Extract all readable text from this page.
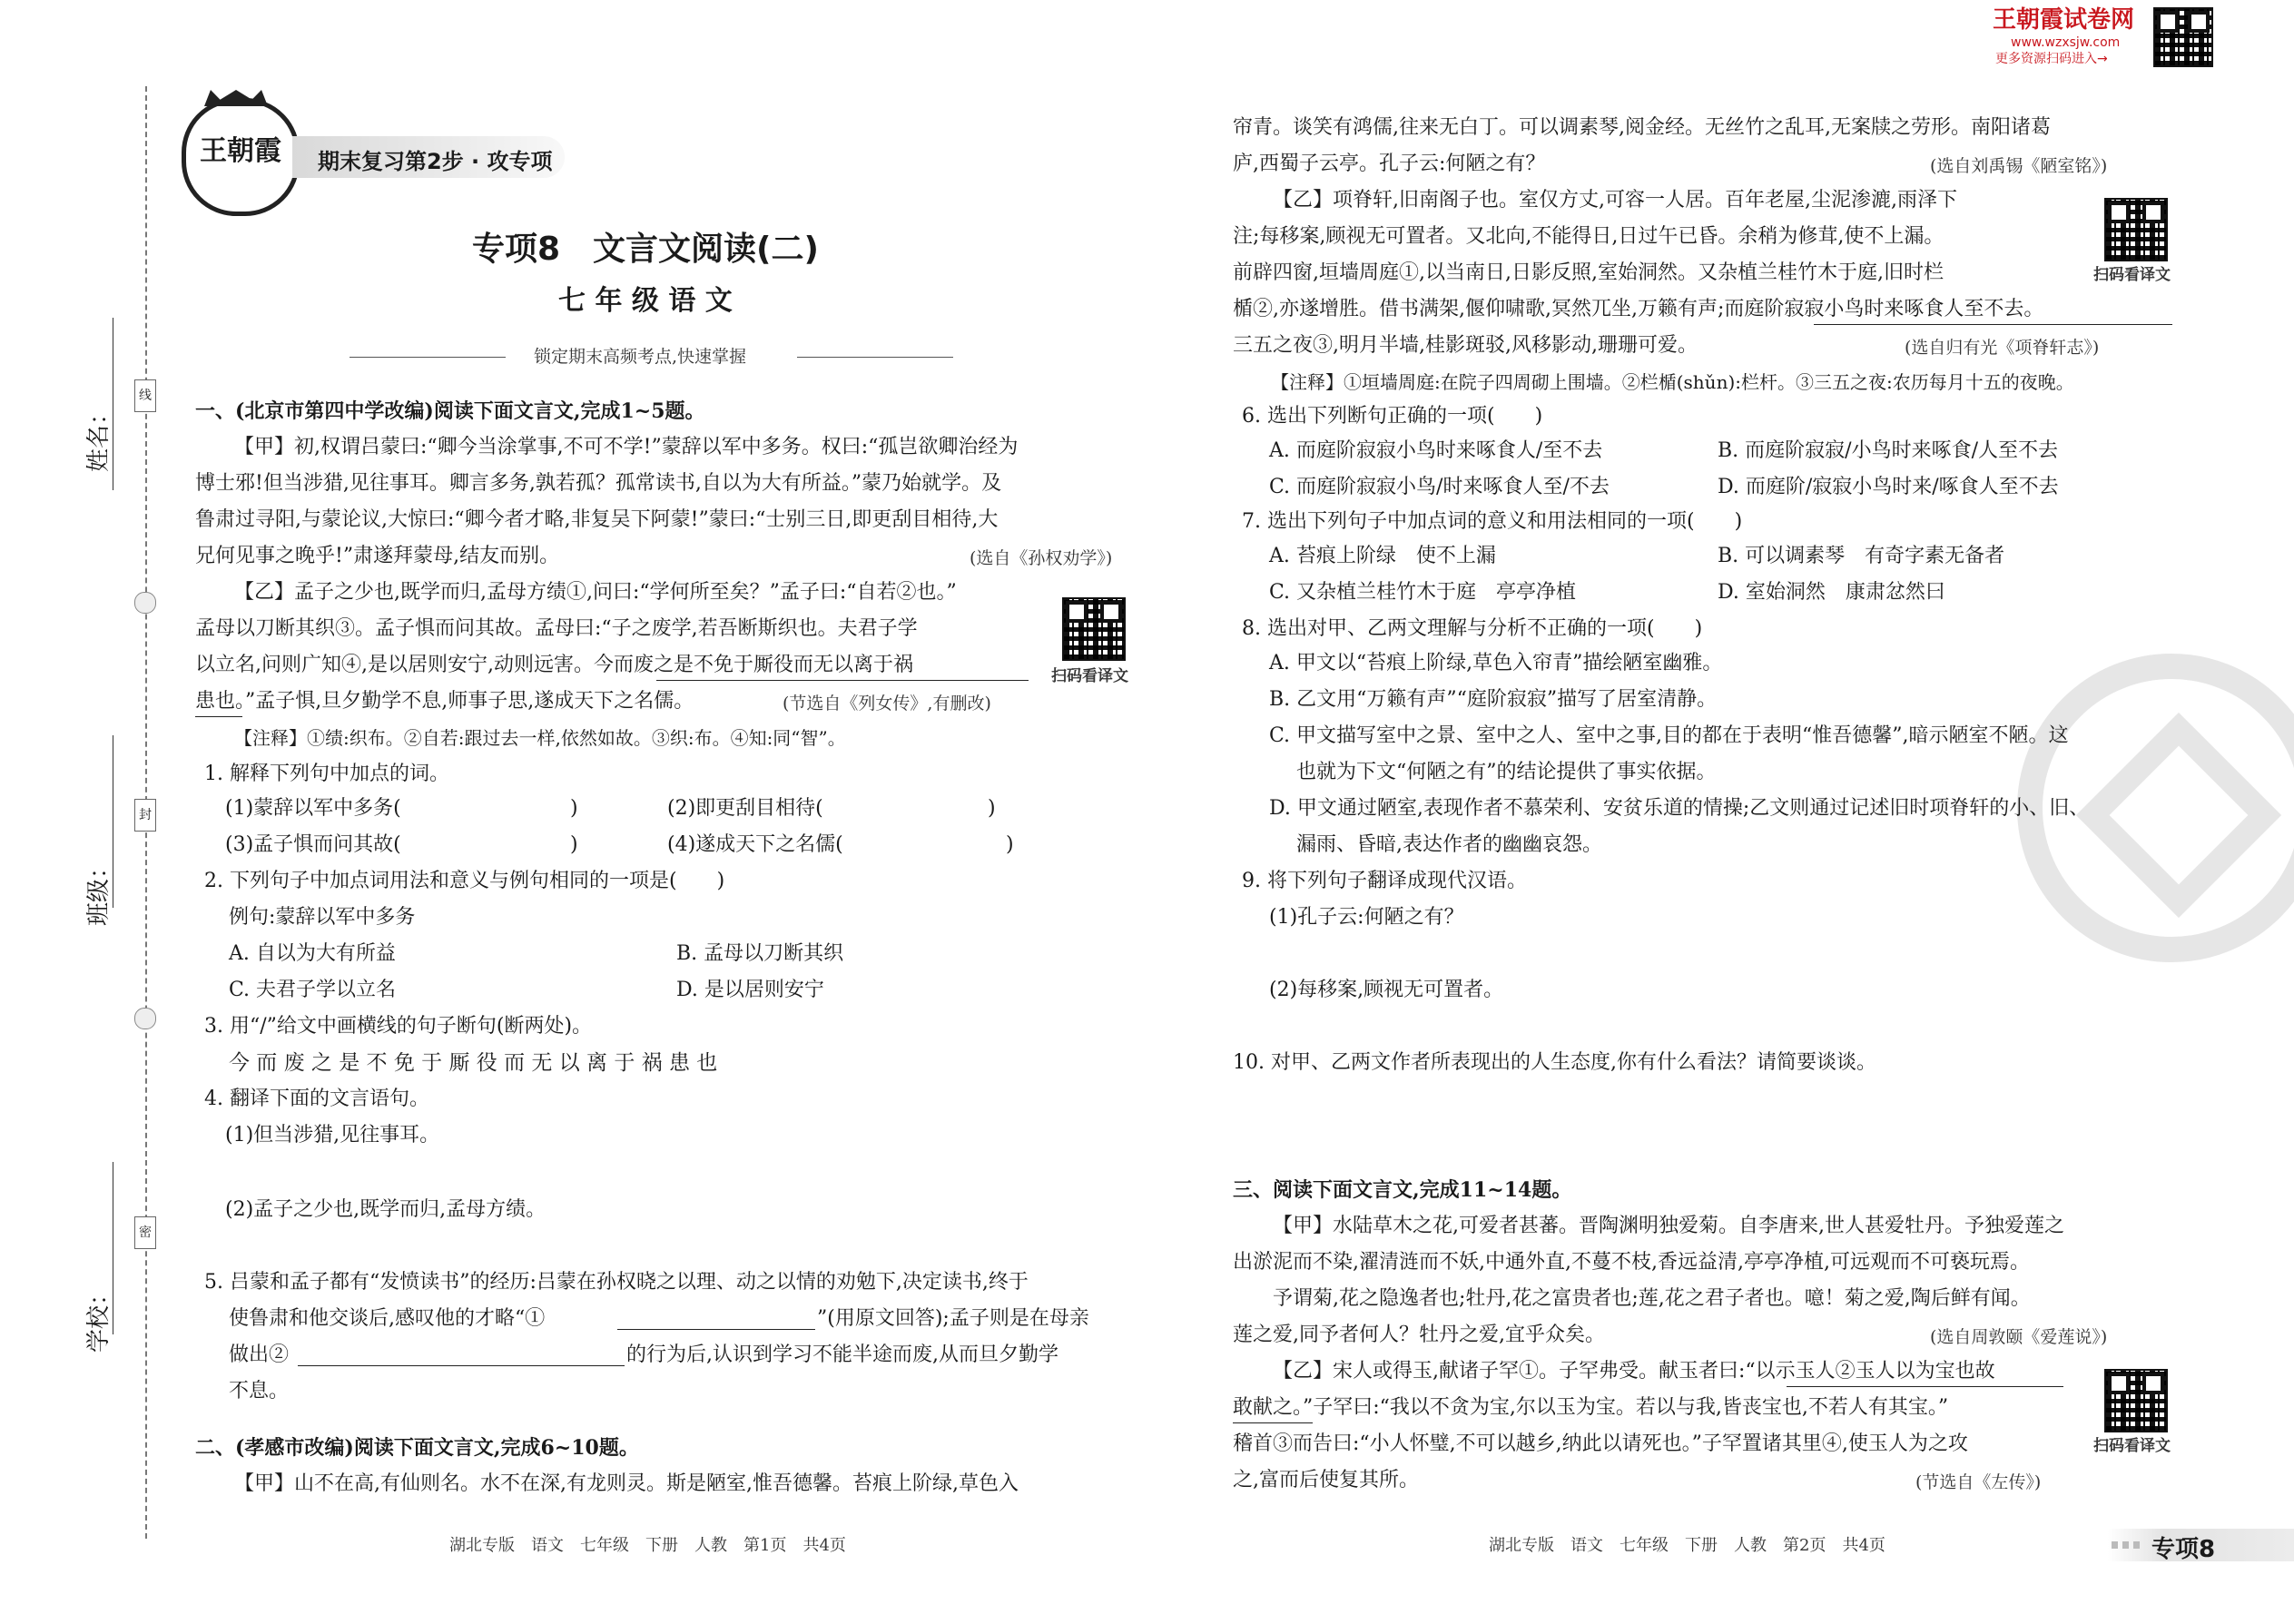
姓名：
班级：
学校：
线
封
密
王朝霞 期末复习第2步 · 攻专项
专项8　文言文阅读(二)
七 年 级 语 文
锁定期末高频考点,快速掌握
一、(北京市第四中学改编)阅读下面文言文,完成1~5题。
【甲】初,权谓吕蒙曰:“卿今当涂掌事,不可不学!”蒙辞以军中多务。权曰:“孤岂欲卿治经为
博士邪!但当涉猎,见往事耳。卿言多务,孰若孤？孤常读书,自以为大有所益。”蒙乃始就学。及
鲁肃过寻阳,与蒙论议,大惊曰:“卿今者才略,非复吴下阿蒙!”蒙曰:“士别三日,即更刮目相待,大
兄何见事之晚乎!”肃遂拜蒙母,结友而别。	(选自《孙权劝学》)
【乙】孟子之少也,既学而归,孟母方绩①,问曰:“学何所至矣？”孟子曰:“自若②也。”
孟母以刀断其织③。孟子惧而问其故。孟母曰:“子之废学,若吾断斯织也。夫君子学
以立名,问则广知④,是以居则安宁,动则远害。今而废之是不免于厮役而无以离于祸
患也。”孟子惧,旦夕勤学不息,师事子思,遂成天下之名儒。	(节选自《列女传》,有删改)
扫码看译文
【注释】①绩:织布。②自若:跟过去一样,依然如故。③织:布。④知:同“智”。
1. 解释下列句中加点的词。
(1)蒙辞以军中多务(	)	(2)即更刮目相待(	)
(3)孟子惧而问其故(	)	(4)遂成天下之名儒(	)
2. 下列句子中加点词用法和意义与例句相同的一项是(　　)
例句:蒙辞以军中多务
A. 自以为大有所益	B. 孟母以刀断其织
C. 夫君子学以立名	D. 是以居则安宁
3. 用“/”给文中画横线的句子断句(断两处)。
今 而 废 之 是 不 免 于 厮 役 而 无 以 离 于 祸 患 也
4. 翻译下面的文言语句。
(1)但当涉猎,见往事耳。
(2)孟子之少也,既学而归,孟母方绩。
5. 吕蒙和孟子都有“发愤读书”的经历:吕蒙在孙权晓之以理、动之以情的劝勉下,决定读书,终于
使鲁肃和他交谈后,感叹他的才略“①	”(用原文回答);孟子则是在母亲
做出②	的行为后,认识到学习不能半途而废,从而旦夕勤学
不息。
二、(孝感市改编)阅读下面文言文,完成6~10题。
【甲】山不在高,有仙则名。水不在深,有龙则灵。斯是陋室,惟吾德馨。苔痕上阶绿,草色入
湖北专版　语文　七年级　下册　人教　第1页　共4页
王朝霞试卷网
www.wzxsjw.com
更多资源扫码进入→
帘青。谈笑有鸿儒,往来无白丁。可以调素琴,阅金经。无丝竹之乱耳,无案牍之劳形。南阳诸葛
庐,西蜀子云亭。孔子云:何陋之有？	(选自刘禹锡《陋室铭》)
【乙】项脊轩,旧南阁子也。室仅方丈,可容一人居。百年老屋,尘泥渗漉,雨泽下
注;每移案,顾视无可置者。又北向,不能得日,日过午已昏。余稍为修茸,使不上漏。
前辟四窗,垣墙周庭①,以当南日,日影反照,室始洞然。又杂植兰桂竹木于庭,旧时栏
楯②,亦遂增胜。借书满架,偃仰啸歌,冥然兀坐,万籁有声;而庭阶寂寂小鸟时来啄食人至不去。
三五之夜③,明月半墙,桂影斑驳,风移影动,珊珊可爱。	(选自归有光《项脊轩志》)
扫码看译文
【注释】①垣墙周庭:在院子四周砌上围墙。②栏楯(shǔn):栏杆。③三五之夜:农历每月十五的夜晚。
6. 选出下列断句正确的一项(　　)
A. 而庭阶寂寂小鸟时来啄食人/至不去	B. 而庭阶寂寂/小鸟时来啄食/人至不去
C. 而庭阶寂寂小鸟/时来啄食人至/不去	D. 而庭阶/寂寂小鸟时来/啄食人至不去
7. 选出下列句子中加点词的意义和用法相同的一项(　　)
A. 苔痕上阶绿　使不上漏	B. 可以调素琴　有奇字素无备者
C. 又杂植兰桂竹木于庭　亭亭净植	D. 室始洞然　康肃忿然曰
8. 选出对甲、乙两文理解与分析不正确的一项(　　)
A. 甲文以“苔痕上阶绿,草色入帘青”描绘陋室幽雅。
B. 乙文用“万籁有声”“庭阶寂寂”描写了居室清静。
C. 甲文描写室中之景、室中之人、室中之事,目的都在于表明“惟吾德馨”,暗示陋室不陋。这
也就为下文“何陋之有”的结论提供了事实依据。
D. 甲文通过陋室,表现作者不慕荣利、安贫乐道的情操;乙文则通过记述旧时项脊轩的小、旧、
漏雨、昏暗,表达作者的幽幽哀怨。
9. 将下列句子翻译成现代汉语。
(1)孔子云:何陋之有？
(2)每移案,顾视无可置者。
10. 对甲、乙两文作者所表现出的人生态度,你有什么看法？请简要谈谈。
三、阅读下面文言文,完成11~14题。
【甲】水陆草木之花,可爱者甚蕃。晋陶渊明独爱菊。自李唐来,世人甚爱牡丹。予独爱莲之
出淤泥而不染,濯清涟而不妖,中通外直,不蔓不枝,香远益清,亭亭净植,可远观而不可亵玩焉。
予谓菊,花之隐逸者也;牡丹,花之富贵者也;莲,花之君子者也。噫！菊之爱,陶后鲜有闻。
莲之爱,同予者何人？牡丹之爱,宜乎众矣。	(选自周敦颐《爱莲说》)
【乙】宋人或得玉,献诸子罕①。子罕弗受。献玉者曰:“以示玉人②玉人以为宝也故
敢献之。”子罕曰:“我以不贪为宝,尔以玉为宝。若以与我,皆丧宝也,不若人有其宝。”
稽首③而告曰:“小人怀璧,不可以越乡,纳此以请死也。”子罕置诸其里④,使玉人为之攻
之,富而后使复其所。	(节选自《左传》)
扫码看译文
湖北专版　语文　七年级　下册　人教　第2页　共4页	专项8
